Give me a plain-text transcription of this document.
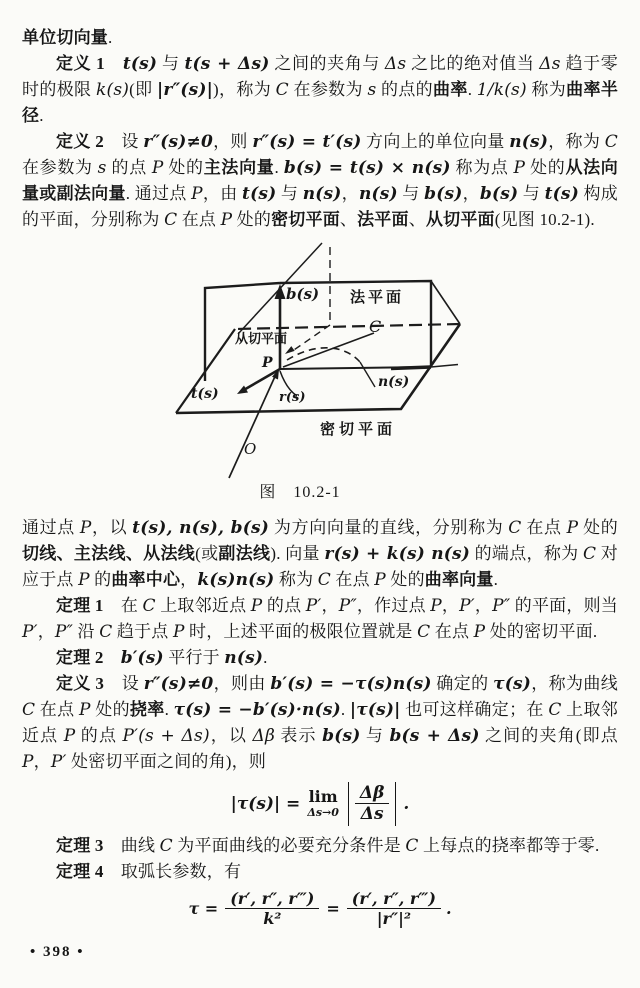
单位切向量.

定义 1　 t(s) 与 t(s + Δs) 之间的夹角与 Δs 之比的绝对值当 Δs 趋于零时的极限 k(s)(即 |r″(s)|)，称为 C 在参数为 s 的点的曲率. 1/k(s) 称为曲率半径.

定义 2　设 r″(s)≠0，则 r″(s) = t′(s) 方向上的单位向量 n(s)，称为 C 在参数为 s 的点 P 处的主法向量. b(s) = t(s) × n(s) 称为点 P 处的从法向量或副法向量. 通过点 P，由 t(s) 与 n(s)，n(s) 与 b(s)，b(s) 与 t(s) 构成的平面，分别称为 C 在点 P 处的密切平面、法平面、从切平面(见图 10.2-1).

b(s) 法平面
从切平面
C
n(s)
P
r(s)
t(s)
密切平面
O

图　10.2-1

通过点 P，以 t(s), n(s), b(s) 为方向向量的直线，分别称为 C 在点 P 处的切线、主法线、从法线(或副法线). 向量 r(s) + k(s) n(s) 的端点，称为 C 对应于点 P 的曲率中心，k(s)n(s) 称为 C 在点 P 处的曲率向量.

定理 1　在 C 上取邻近点 P 的点 P′，P″，作过点 P，P′，P″ 的平面，则当 P′，P″ 沿 C 趋于点 P 时，上述平面的极限位置就是 C 在点 P 处的密切平面.

定理 2　 b′(s) 平行于 n(s).

定义 3　设 r″(s)≠0，则由 b′(s) = −τ(s)n(s) 确定的 τ(s)，称为曲线 C 在点 P 处的挠率. τ(s) = −b′(s)·n(s). |τ(s)| 也可这样确定；在 C 上取邻近点 P 的点 P′(s + Δs)，以 Δβ 表示 b(s) 与 b(s + Δs) 之间的夹角(即点 P，P′ 处密切平面之间的角)，则

|τ(s)| = lim
$\Delta s\to 0 \frac{\Delta\beta}{\Delta s}$ .

定理 3　曲线 C 为平面曲线的必要充分条件是 C 上每点的挠率都等于零.

定理 4　取弧长参数，有

$\tau = \frac{(r', r'', r‴)}{\text{k²}} = \frac{(r', r'', r‴)}{\text{|r″|²}}$ .
• 398 •
